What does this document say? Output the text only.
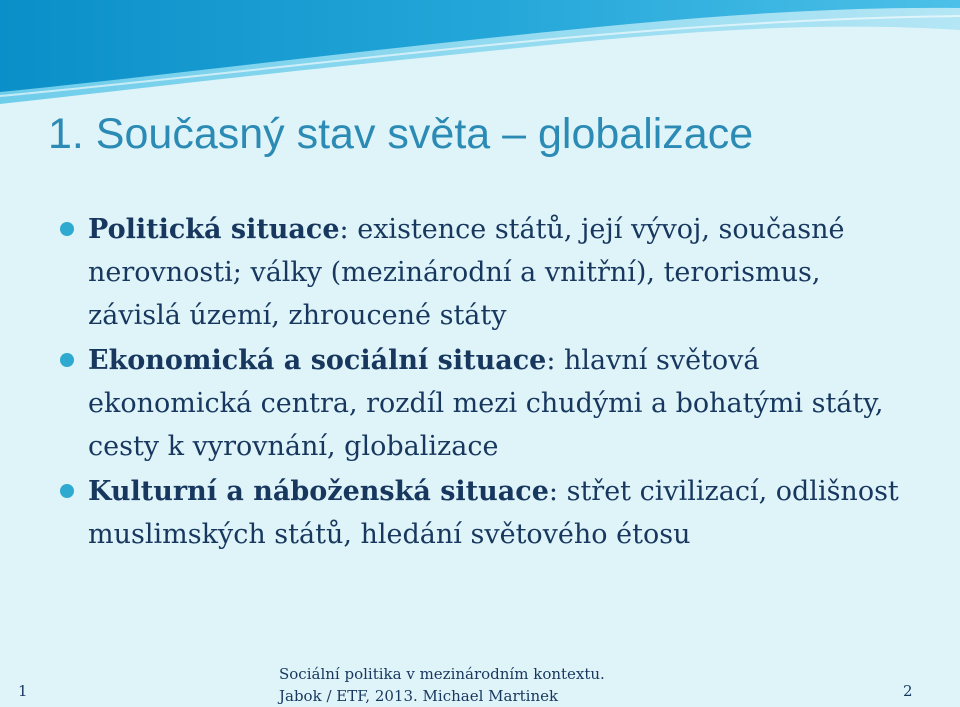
1. Současný stav světa – globalizace
Politická situace: existence států, její vývoj, současné nerovnosti; války (mezinárodní a vnitřní), terorismus, závislá území, zhroucené státy
Ekonomická a sociální situace: hlavní světová ekonomická centra, rozdíl mezi chudými a bohatými státy, cesty k vyrovnání, globalizace
Kulturní a náboženská situace: střet civilizací, odlišnost muslimských států, hledání světového étosu
1
Sociální politika v mezinárodním kontextu.
Jabok / ETF, 2013. Michael Martinek	2
